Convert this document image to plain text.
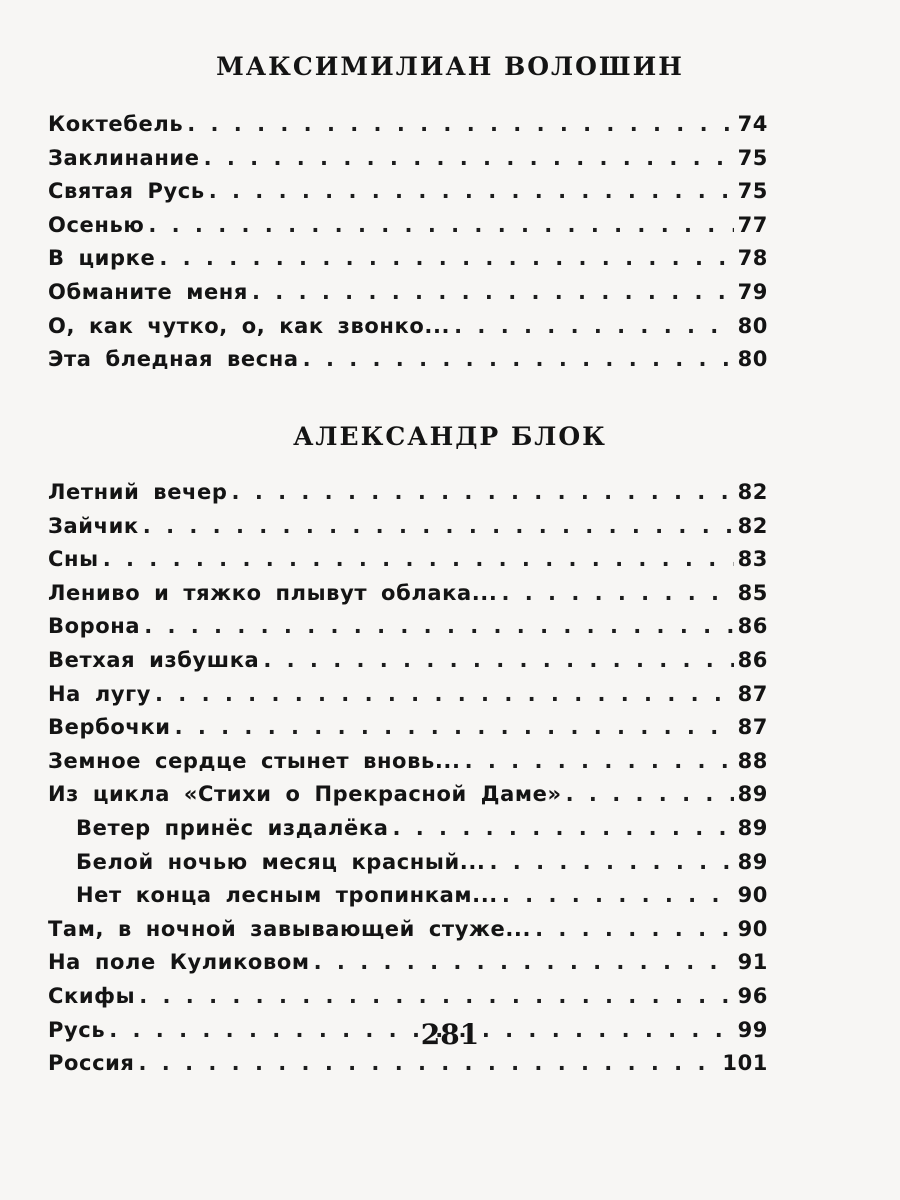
МАКСИМИЛИАН ВОЛОШИН
Коктебель . . .	74
Заклинание . . .	75
Святая Русь . . .	75
Осенью . . .	77
В цирке . . .	78
Обманите меня . . .	79
О, как чутко, о, как звонко... . . .	80
Эта бледная весна . . .	80
АЛЕКСАНДР БЛОК
Летний вечер . . .	82
Зайчик . . .	82
Сны . . .	83
Лениво и тяжко плывут облака... . . .	85
Ворона . . .	86
Ветхая избушка . . .	86
На лугу . . .	87
Вербочки . . .	87
Земное сердце стынет вновь... . . .	88
Из цикла «Стихи о Прекрасной Даме» . . .	89
Ветер принёс издалёка . . .	89
Белой ночью месяц красный... . . .	89
Нет конца лесным тропинкам... . . .	90
Там, в ночной завывающей стуже... . . .	90
На поле Куликовом . . .	91
Скифы . . .	96
Русь . . .	99
Россия . . .	101
281
